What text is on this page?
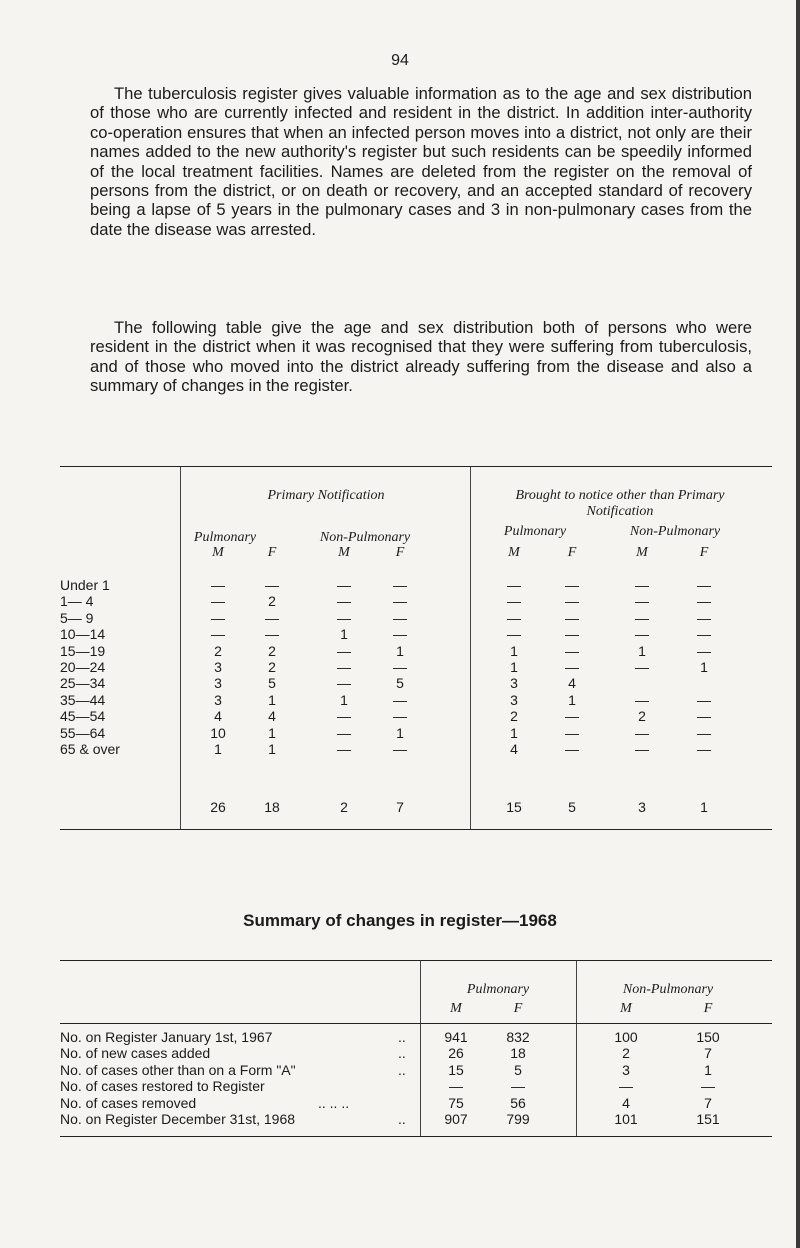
94

The tuberculosis register gives valuable information as to the age and sex distribution of those who are currently infected and resident in the district. In addition inter-authority co-operation ensures that when an infected person moves into a district, not only are their names added to the new authority's register but such residents can be speedily informed of the local treatment facilities. Names are deleted from the register on the removal of persons from the district, or on death or recovery, and an accepted standard of recovery being a lapse of 5 years in the pulmonary cases and 3 in non-pulmonary cases from the date the disease was arrested.

The following table give the age and sex distribution both of persons who were resident in the district when it was recognised that they were suffering from tuberculosis, and of those who moved into the district already suffering from the disease and also a summary of changes in the register.

Primary Notification	Brought to notice other than Primary Notification
Pulmonary	Non-Pulmonary	Pulmonary	Non-Pulmonary
M	F	M	F	M	F	M	F
Under 1	—	—	—	—	—	—	—	—
1— 4	—	2	—	—	—	—	—	—
5— 9	—	—	—	—	—	—	—	—
10—14	—	—	1	—	—	—	—	—
15—19	2	2	—	1	1	—	1	—
20—24	3	2	—	—	1	—	—	1
25—34	3	5	—	5	3	4
35—44	3	1	1	—	3	1	—	—
45—54	4	4	—	—	2	—	2	—
55—64	10	1	—	1	1	—	—	—
65 & over	1	1	—	—	4	—	—	—
26	18	2	7	15	5	3	1
Summary of changes in register—1968
Pulmonary	Non-Pulmonary
M	F	M	F
No. on Register January 1st, 1967	..	941	832	100	150
No. of new cases added	..	26	18	2	7
No. of cases other than on a Form "A"	..	15	5	3	1
No. of cases restored to Register	—	—	—	—
No. of cases removed	.. .. ..	75	56	4	7
No. on Register December 31st, 1968	..	907	799	101	151
